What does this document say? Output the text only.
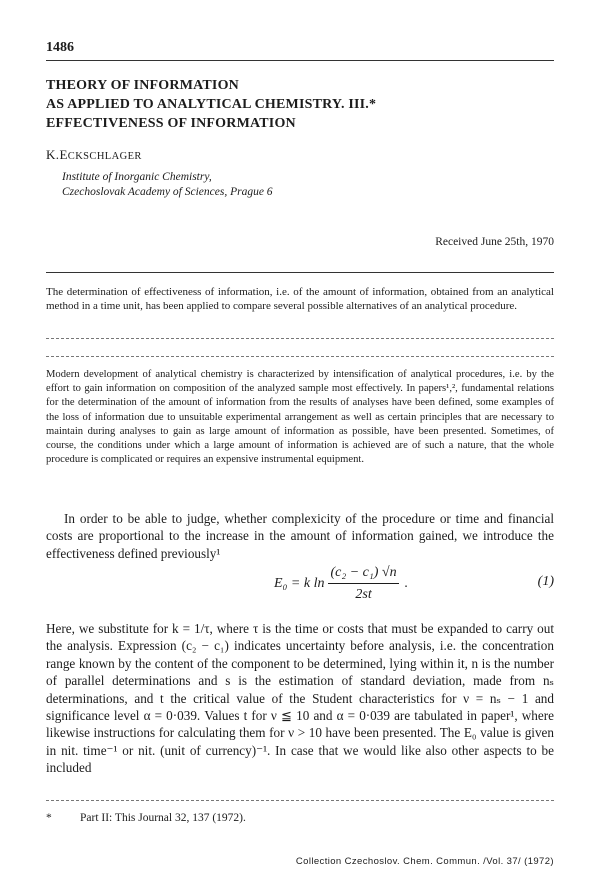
1486
THEORY OF INFORMATION
AS APPLIED TO ANALYTICAL CHEMISTRY. III.*
EFFECTIVENESS OF INFORMATION
K.ECKSCHLAGER
Institute of Inorganic Chemistry,
Czechoslovak Academy of Sciences, Prague 6
Received June 25th, 1970

The determination of effectiveness of information, i.e. of the amount of information, obtained from an analytical method in a time unit, has been applied to compare several possible alternatives of an analytical procedure.

Modern development of analytical chemistry is characterized by intensification of analytical procedures, i.e. by the effort to gain information on composition of the analyzed sample most effectively. In papers¹,², fundamental relations for the determination of the amount of information from the results of analyses have been defined, some examples of the loss of information due to unsuitable experimental arrangement as well as certain principles that are necessary to maintain during analyses to gain as large amount of information as possible, have been presented. Sometimes, of course, the conditions under which a large amount of information is achieved are of such a nature, that the whole procedure is complicated or requires an expensive instrumental equipment.

In order to be able to judge, whether complexicity of the procedure or time and financial costs are proportional to the increase in the amount of information gained, we introduce the effectiveness defined previously¹

E₀ = k $\ln \frac{\text{(c₂ − c₁) √n}}{2st}$ .	(1)

Here, we substitute for k = 1/τ, where τ is the time or costs that must be expanded to carry out the analysis. Expression (c₂ − c₁) indicates uncertainty before analysis, i.e. the concentration range known by the content of the component to be determined, lying within it, n is the number of parallel determinations and s is the estimation of standard deviation, made from nₛ determinations, and t the critical value of the Student characteristics for ν = nₛ − 1 and significance level α = 0·039. Values t for ν ≦ 10 and α = 0·039 are tabulated in paper¹, where likewise instructions for calculating them for ν > 10 have been presented. The E₀ value is given in nit. time⁻¹ or nit. (unit of currency)⁻¹. In case that we would like also other aspects to be included

* Part II: This Journal 32, 137 (1972).
Collection Czechoslov. Chem. Commun. /Vol. 37/ (1972)
